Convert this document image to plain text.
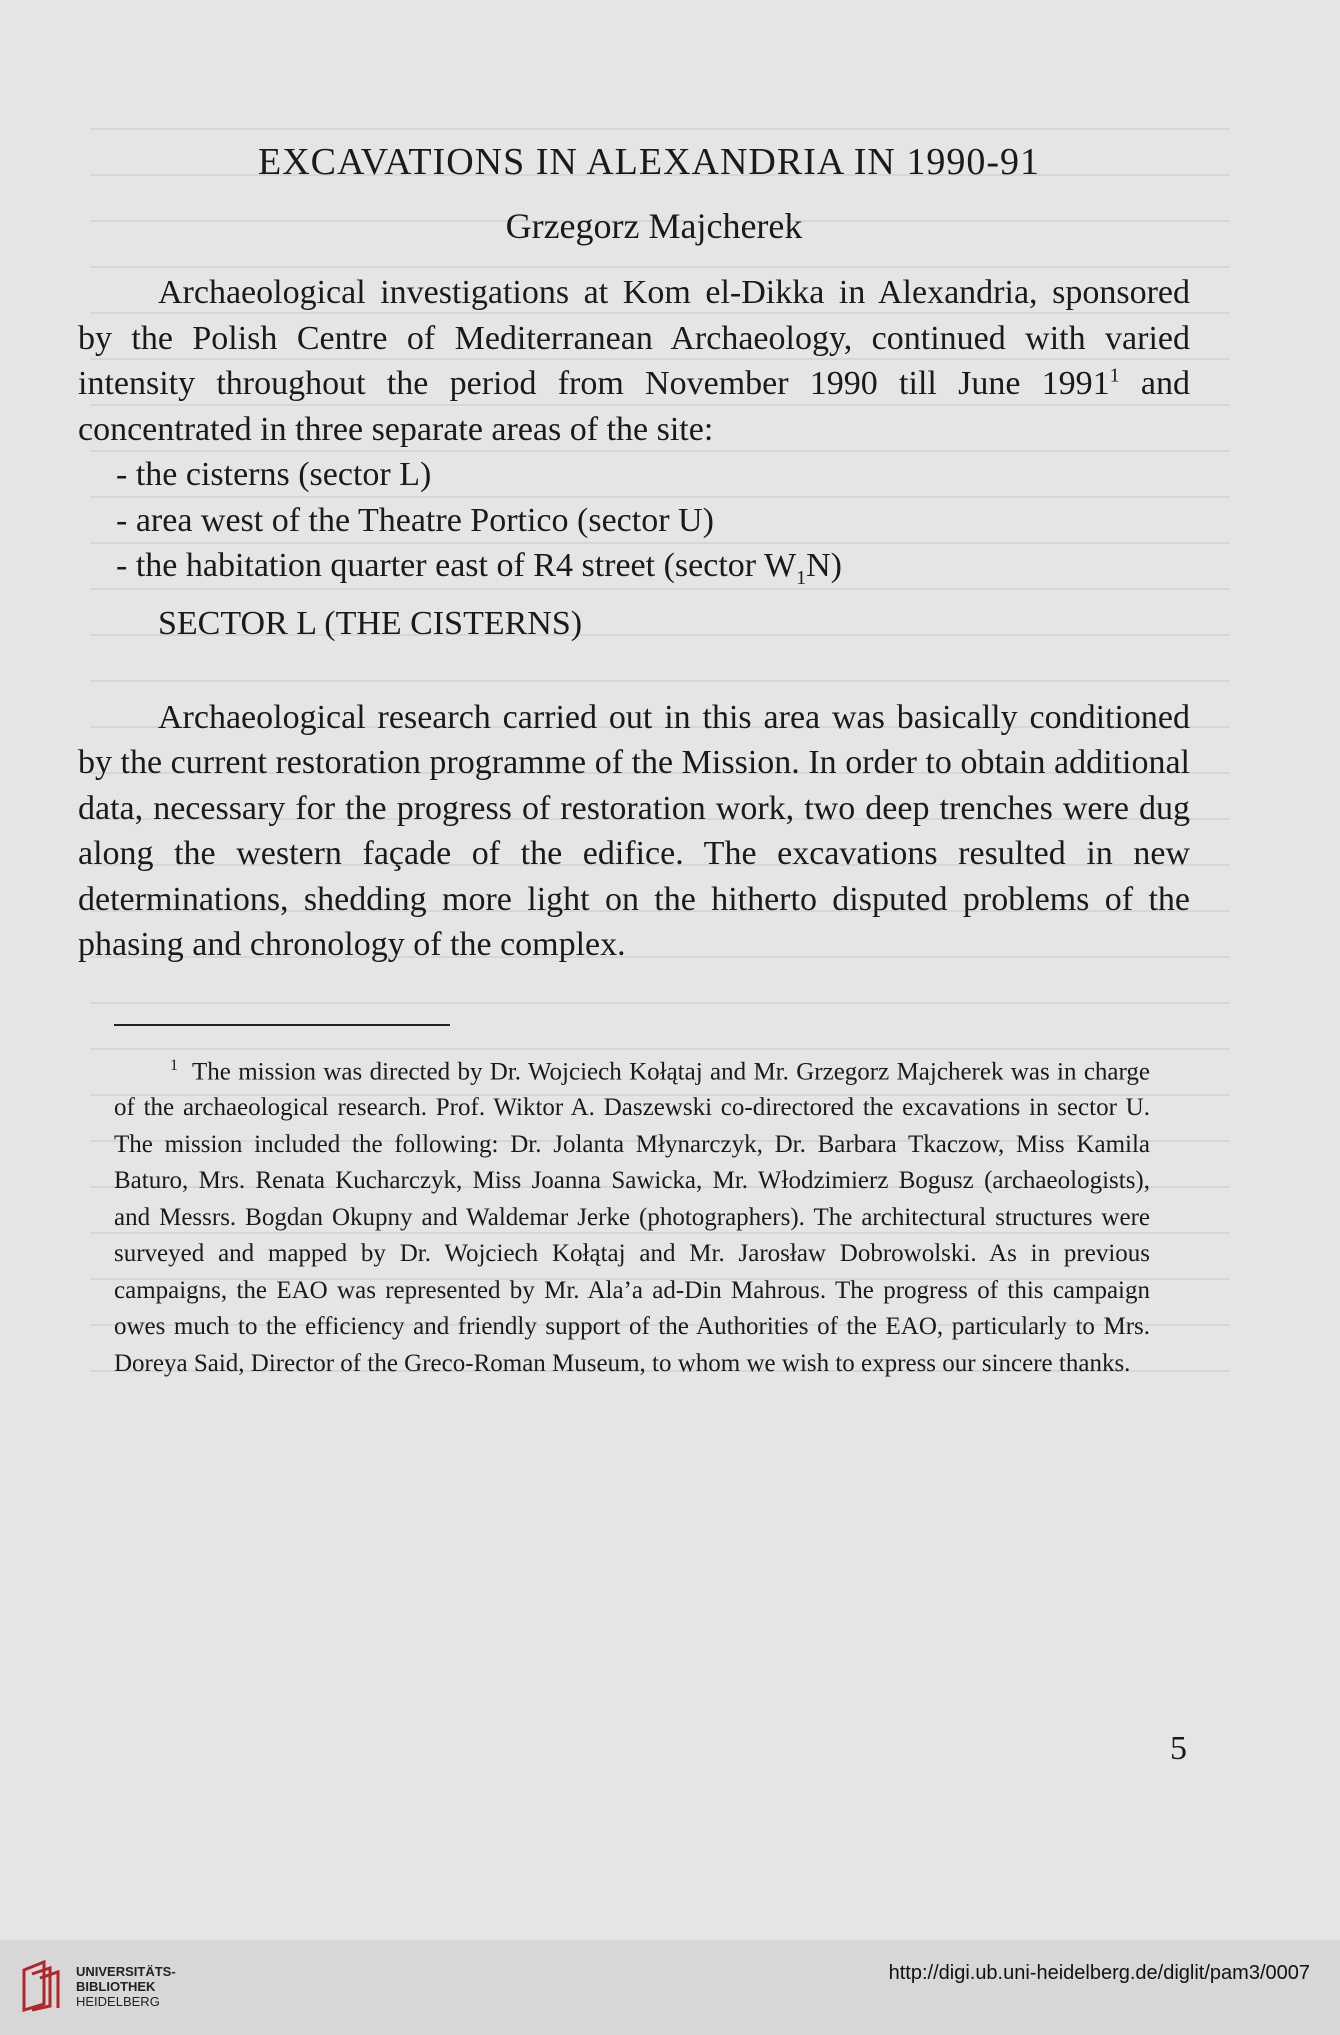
EXCAVATIONS IN ALEXANDRIA IN 1990-91
Grzegorz Majcherek

Archaeological investigations at Kom el-Dikka in Alexandria, sponsored by the Polish Centre of Mediterranean Archaeology, continued with varied intensity throughout the period from November 1990 till June 1991$^1$ and concentrated in three separate areas of the site:

- the cisterns (sector L)
- area west of the Theatre Portico (sector U)
- the habitation quarter east of R4 street (sector $W_1N$)
SECTOR L (THE CISTERNS)

Archaeological research carried out in this area was basically conditioned by the current restoration programme of the Mission. In order to obtain additional data, necessary for the progress of restoration work, two deep trenches were dug along the western façade of the edifice. The excavations resulted in new determinations, shedding more light on the hitherto disputed problems of the phasing and chronology of the complex.

$^1$ The mission was directed by Dr. Wojciech Kołątaj and Mr. Grzegorz Majcherek was in charge of the archaeological research. Prof. Wiktor A. Daszewski co-directored the excavations in sector U. The mission included the following: Dr. Jolanta Młynarczyk, Dr. Barbara Tkaczow, Miss Kamila Baturo, Mrs. Renata Kucharczyk, Miss Joanna Sawicka, Mr. Włodzimierz Bogusz (archaeologists), and Messrs. Bogdan Okupny and Waldemar Jerke (photographers). The architectural structures were surveyed and mapped by Dr. Wojciech Kołątaj and Mr. Jarosław Dobrowolski. As in previous campaigns, the EAO was represented by Mr. Ala’a ad-Din Mahrous. The progress of this campaign owes much to the efficiency and friendly support of the Authorities of the EAO, particularly to Mrs. Doreya Said, Director of the Greco-Roman Museum, to whom we wish to express our sincere thanks.

5
UNIVERSITÄTS-
BIBLIOTHEK
HEIDELBERG
http://digi.ub.uni-heidelberg.de/diglit/pam3/0007
